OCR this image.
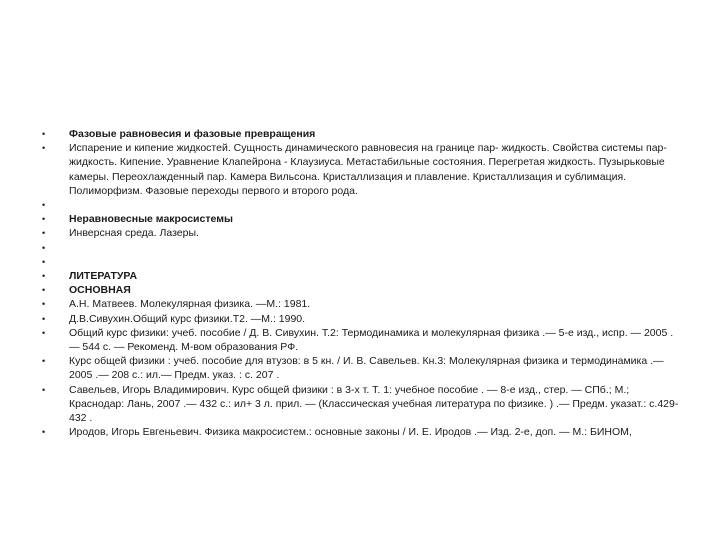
•	Фазовые равновесия и фазовые превращения
•	Испарение и кипение жидкостей. Сущность динамического равновесия на границе пар- жидкость. Свойства системы пар-жидкость. Кипение. Уравнение Клапейрона - Клаузиуса. Метастабильные состояния. Перегретая жидкость. Пузырьковые камеры. Переохлажденный пар. Камера Вильсона. Кристаллизация и плавление. Кристаллизация и сублимация. Полиморфизм. Фазовые переходы первого и второго рода.
•
•	Неравновесные макросистемы
•	Инверсная среда. Лазеры.
•
•
•	ЛИТЕРАТУРА
•	ОСНОВНАЯ
•	А.Н. Матвеев. Молекулярная физика. —М.: 1981.
•	Д.В.Сивухин.Общий курс физики.Т2. —М.: 1990.
•	Общий курс физики: учеб. пособие / Д. В. Сивухин. Т.2: Термодинамика и молекулярная физика .— 5-е изд., испр. — 2005 .— 544 с. — Рекоменд. М-вом образования РФ.
•	Курс общей физики : учеб. пособие для втузов: в 5 кн. / И. В. Савельев. Кн.3: Молекулярная физика и термодинамика .— 2005 .— 208 с.: ил.— Предм. указ. : с. 207 .
•	Савельев, Игорь Владимирович. Курс общей физики : в 3-х т. Т. 1: учебное пособие . — 8-е изд., стер. — СПб.; М.; Краснодар: Лань, 2007 .— 432 с.: ил+ 3 л. прил. — (Классическая учебная литература по физике. ) .— Предм. указат.: с.429-432 .
•	Иродов, Игорь Евгеньевич. Физика макросистем.: основные законы / И. Е. Иродов .— Изд. 2-е, доп. — М.: БИНОМ,
